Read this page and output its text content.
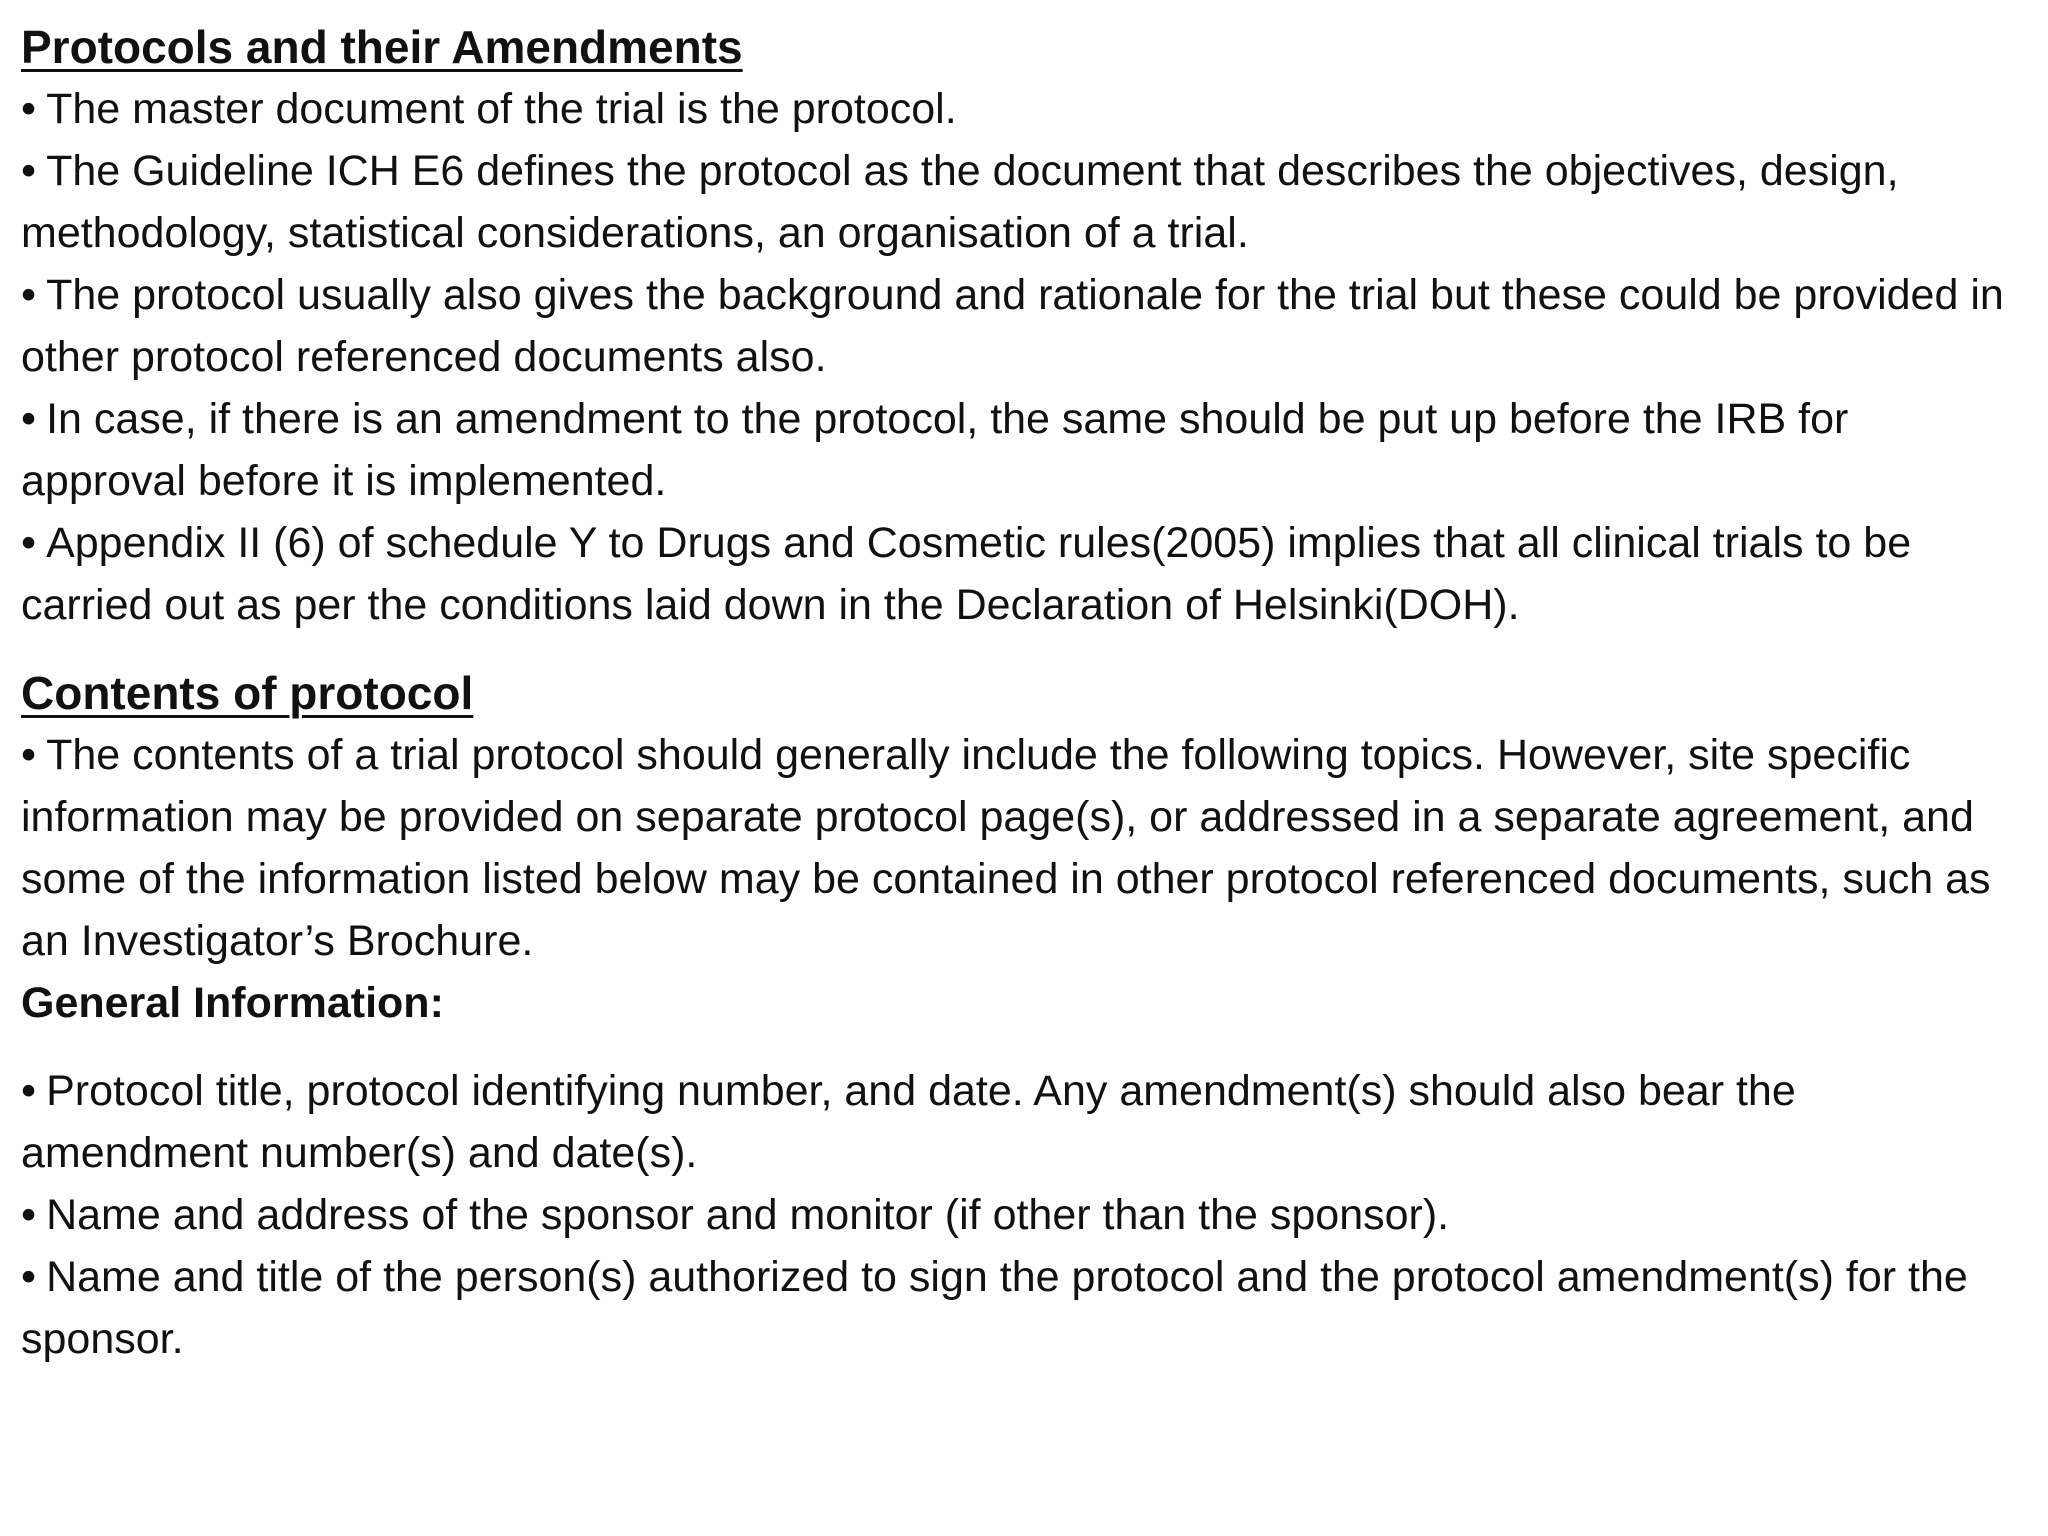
Protocols and their Amendments

• The master document of the trial is the protocol.

• The Guideline ICH E6 defines the protocol as the document that describes the objectives, design, methodology, statistical considerations, an organisation of a trial.

• The protocol usually also gives the background and rationale for the trial but these could be provided in other protocol referenced documents also.

• In case, if there is an amendment to the protocol, the same should be put up before the IRB for approval before it is implemented.

• Appendix II (6) of schedule Y to Drugs and Cosmetic rules(2005) implies that all clinical trials to be carried out as per the conditions laid down in the Declaration of Helsinki(DOH).

Contents of protocol

• The contents of a trial protocol should generally include the following topics. However, site specific information may be provided on separate protocol page(s), or addressed in a separate agreement, and some of the information listed below may be contained in other protocol referenced documents, such as an Investigator’s Brochure.

General Information:

• Protocol title, protocol identifying number, and date. Any amendment(s) should also bear the amendment number(s) and date(s).

• Name and address of the sponsor and monitor (if other than the sponsor).

• Name and title of the person(s) authorized to sign the protocol and the protocol amendment(s) for the sponsor.
